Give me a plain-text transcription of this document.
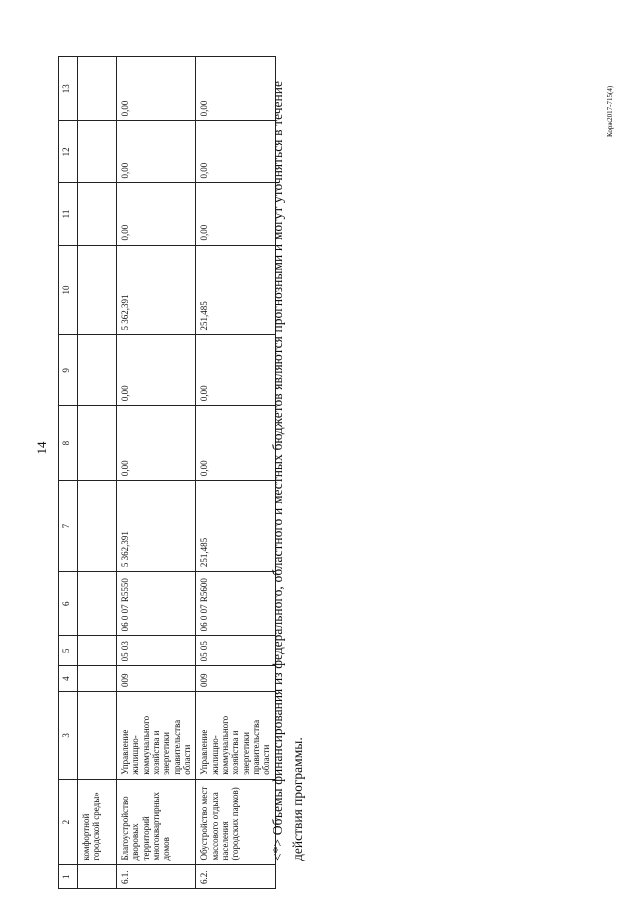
14
1	2	3	4	5	6	7	8	9	10	11	12	13
	комфортной городской среды»											
6.1.	Благоустройство дворовых территорий многоквартирных домов	Управление жилищно-коммунального хозяйства и энергетики правительства области	009	05 03	06 0 07 R5550	5 362,391	0,00	0,00	5 362,391	0,00	0,00	0,00
6.2.	Обустройство мест массового отдыха населения (городских парков)	Управление жилищно-коммунального хозяйства и энергетики правительства области	009	05 05	06 0 07 R5600	251,485	0,00	0,00	251,485	0,00	0,00	0,00	<*> Объемы финансирования из федерального, областного и местных бюджетов являются прогнозными и могут уточняться в течение действия программы.
Корж2017-715(4)
